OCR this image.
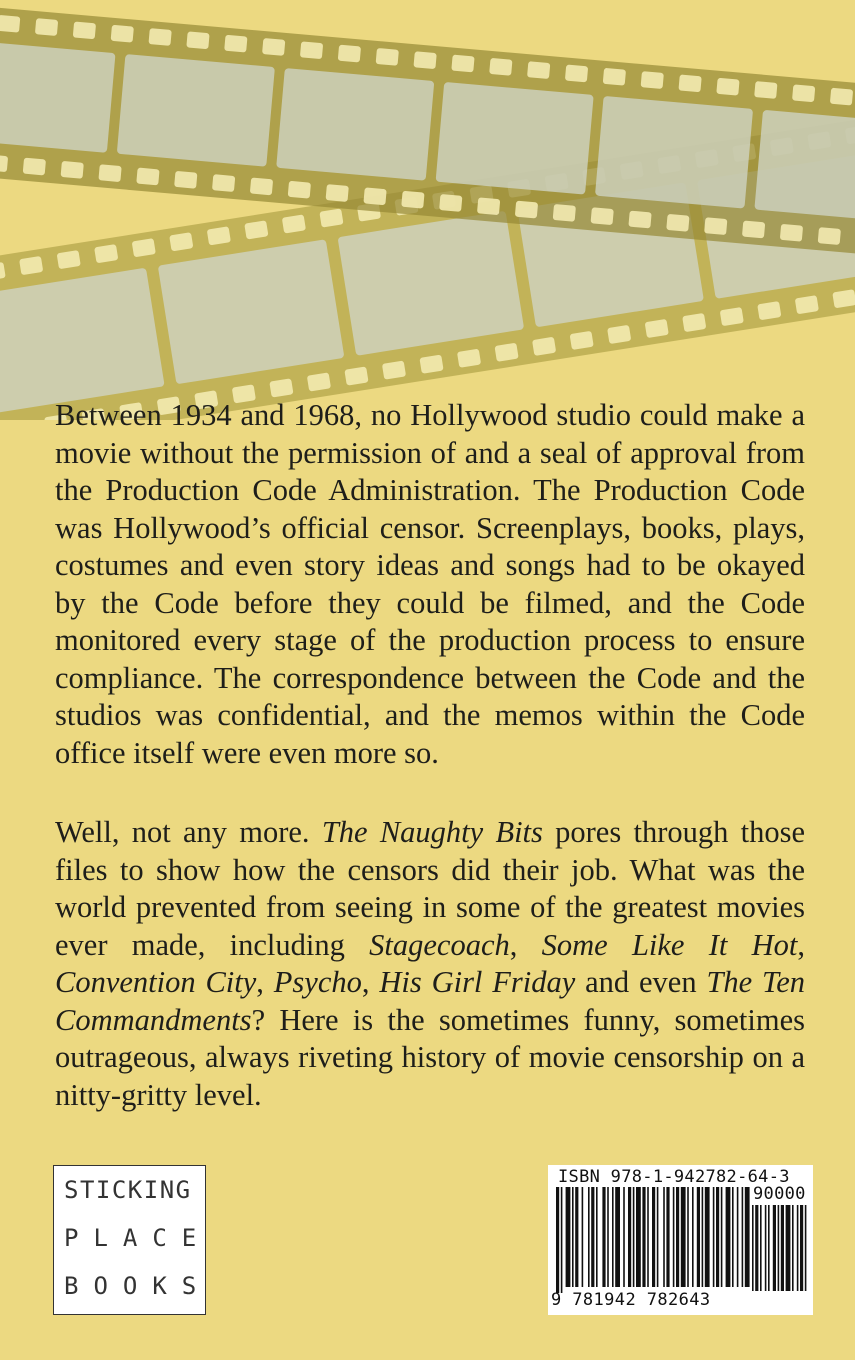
Between 1934 and 1968, no Hollywood studio could make a movie without the permission of and a seal of approval from the Production Code Administration. The Production Code was Hollywood’s official censor. Screenplays, books, plays, costumes and even story ideas and songs had to be okayed by the Code before they could be filmed, and the Code monitored every stage of the production process to ensure compliance. The correspondence between the Code and the studios was confidential, and the memos within the Code office itself were even more so.

Well, not any more. The Naughty Bits pores through those files to show how the censors did their job. What was the world prevented from seeing in some of the greatest movies ever made, including Stagecoach, Some Like It Hot, Convention City, Psycho, His Girl Friday and even The Ten Commandments? Here is the sometimes funny, sometimes outrageous, always riveting history of movie censorship on a nitty-gritty level.

STICKING
PLACE
BOOKS
ISBN 978-1-942782-64-3
90000
9 781942 782643
